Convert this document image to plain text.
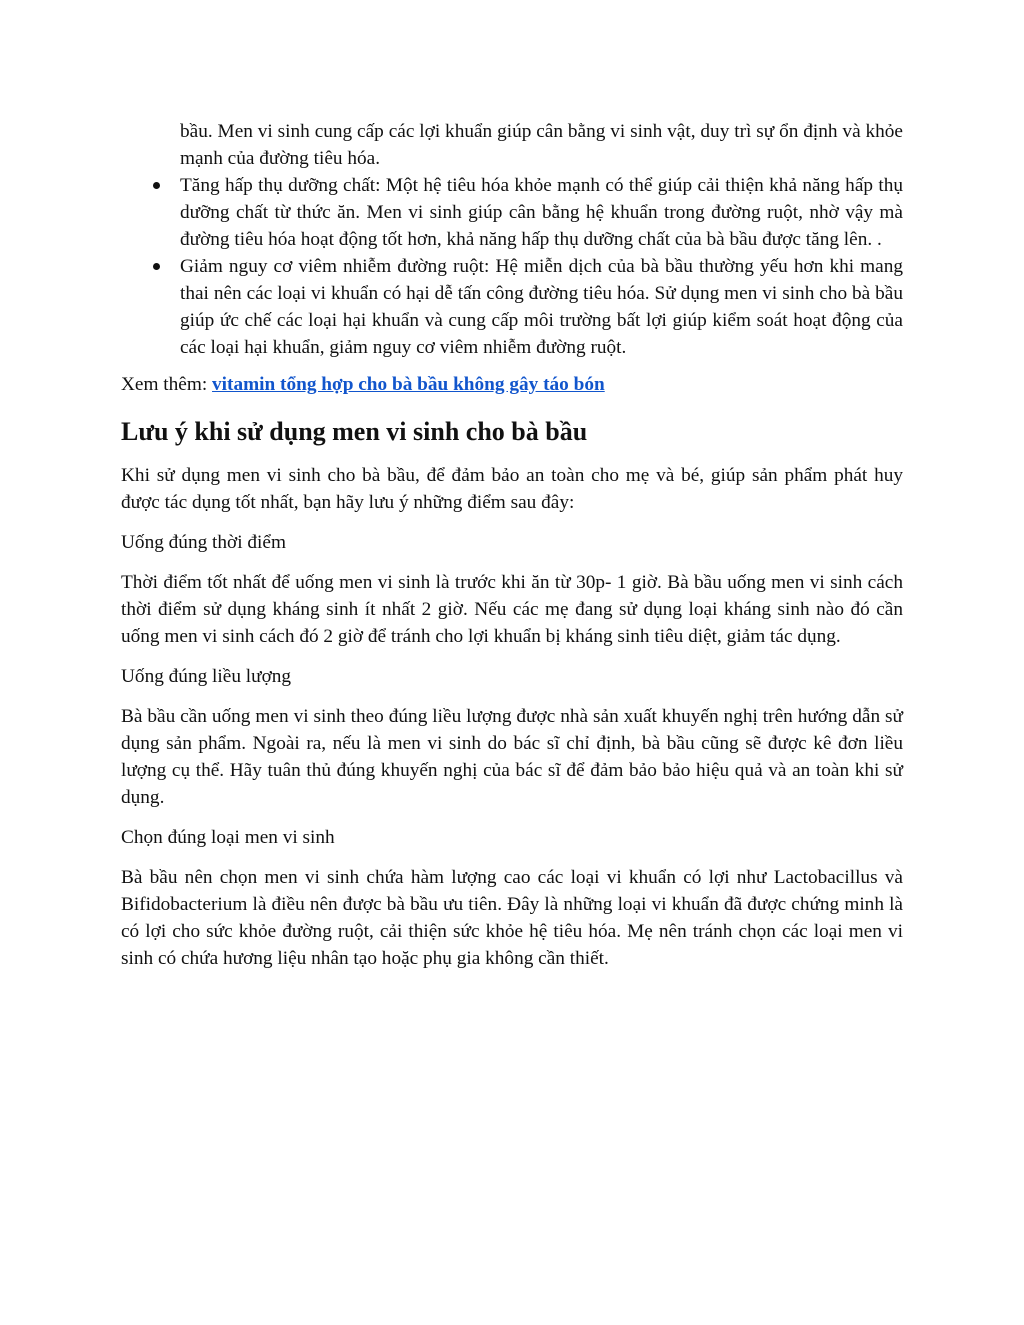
bầu. Men vi sinh cung cấp các lợi khuẩn giúp cân bằng vi sinh vật, duy trì sự ổn định và khỏe mạnh của đường tiêu hóa.
Tăng hấp thụ dưỡng chất: Một hệ tiêu hóa khỏe mạnh có thể giúp cải thiện khả năng hấp thụ dưỡng chất từ thức ăn. Men vi sinh giúp cân bằng hệ khuẩn trong đường ruột, nhờ vậy mà đường tiêu hóa hoạt động tốt hơn, khả năng hấp thụ dưỡng chất của bà bầu được tăng lên. .
Giảm nguy cơ viêm nhiễm đường ruột: Hệ miễn dịch của bà bầu thường yếu hơn khi mang thai nên các loại vi khuẩn có hại dễ tấn công đường tiêu hóa. Sử dụng men vi sinh cho bà bầu giúp ức chế các loại hại khuẩn và cung cấp môi trường bất lợi giúp kiểm soát hoạt động của các loại hại khuẩn, giảm nguy cơ viêm nhiễm đường ruột.

Xem thêm: vitamin tổng hợp cho bà bầu không gây táo bón

Lưu ý khi sử dụng men vi sinh cho bà bầu

Khi sử dụng men vi sinh cho bà bầu, để đảm bảo an toàn cho mẹ và bé, giúp sản phẩm phát huy được tác dụng tốt nhất, bạn hãy lưu ý những điểm sau đây:

Uống đúng thời điểm

Thời điểm tốt nhất để uống men vi sinh là trước khi ăn từ 30p- 1 giờ. Bà bầu uống men vi sinh cách thời điểm sử dụng kháng sinh ít nhất 2 giờ. Nếu các mẹ đang sử dụng loại kháng sinh nào đó cần uống men vi sinh cách đó 2 giờ để tránh cho lợi khuẩn bị kháng sinh tiêu diệt, giảm tác dụng.

Uống đúng liều lượng

Bà bầu cần uống men vi sinh theo đúng liều lượng được nhà sản xuất khuyến nghị trên hướng dẫn sử dụng sản phẩm. Ngoài ra, nếu là men vi sinh do bác sĩ chỉ định, bà bầu cũng sẽ được kê đơn liều lượng cụ thể. Hãy tuân thủ đúng khuyến nghị của bác sĩ để đảm bảo bảo hiệu quả và an toàn khi sử dụng.

Chọn đúng loại men vi sinh

Bà bầu nên chọn men vi sinh chứa hàm lượng cao các loại vi khuẩn có lợi như Lactobacillus và Bifidobacterium là điều nên được bà bầu ưu tiên. Đây là những loại vi khuẩn đã được chứng minh là có lợi cho sức khỏe đường ruột, cải thiện sức khỏe hệ tiêu hóa. Mẹ nên tránh chọn các loại men vi sinh có chứa hương liệu nhân tạo hoặc phụ gia không cần thiết.
